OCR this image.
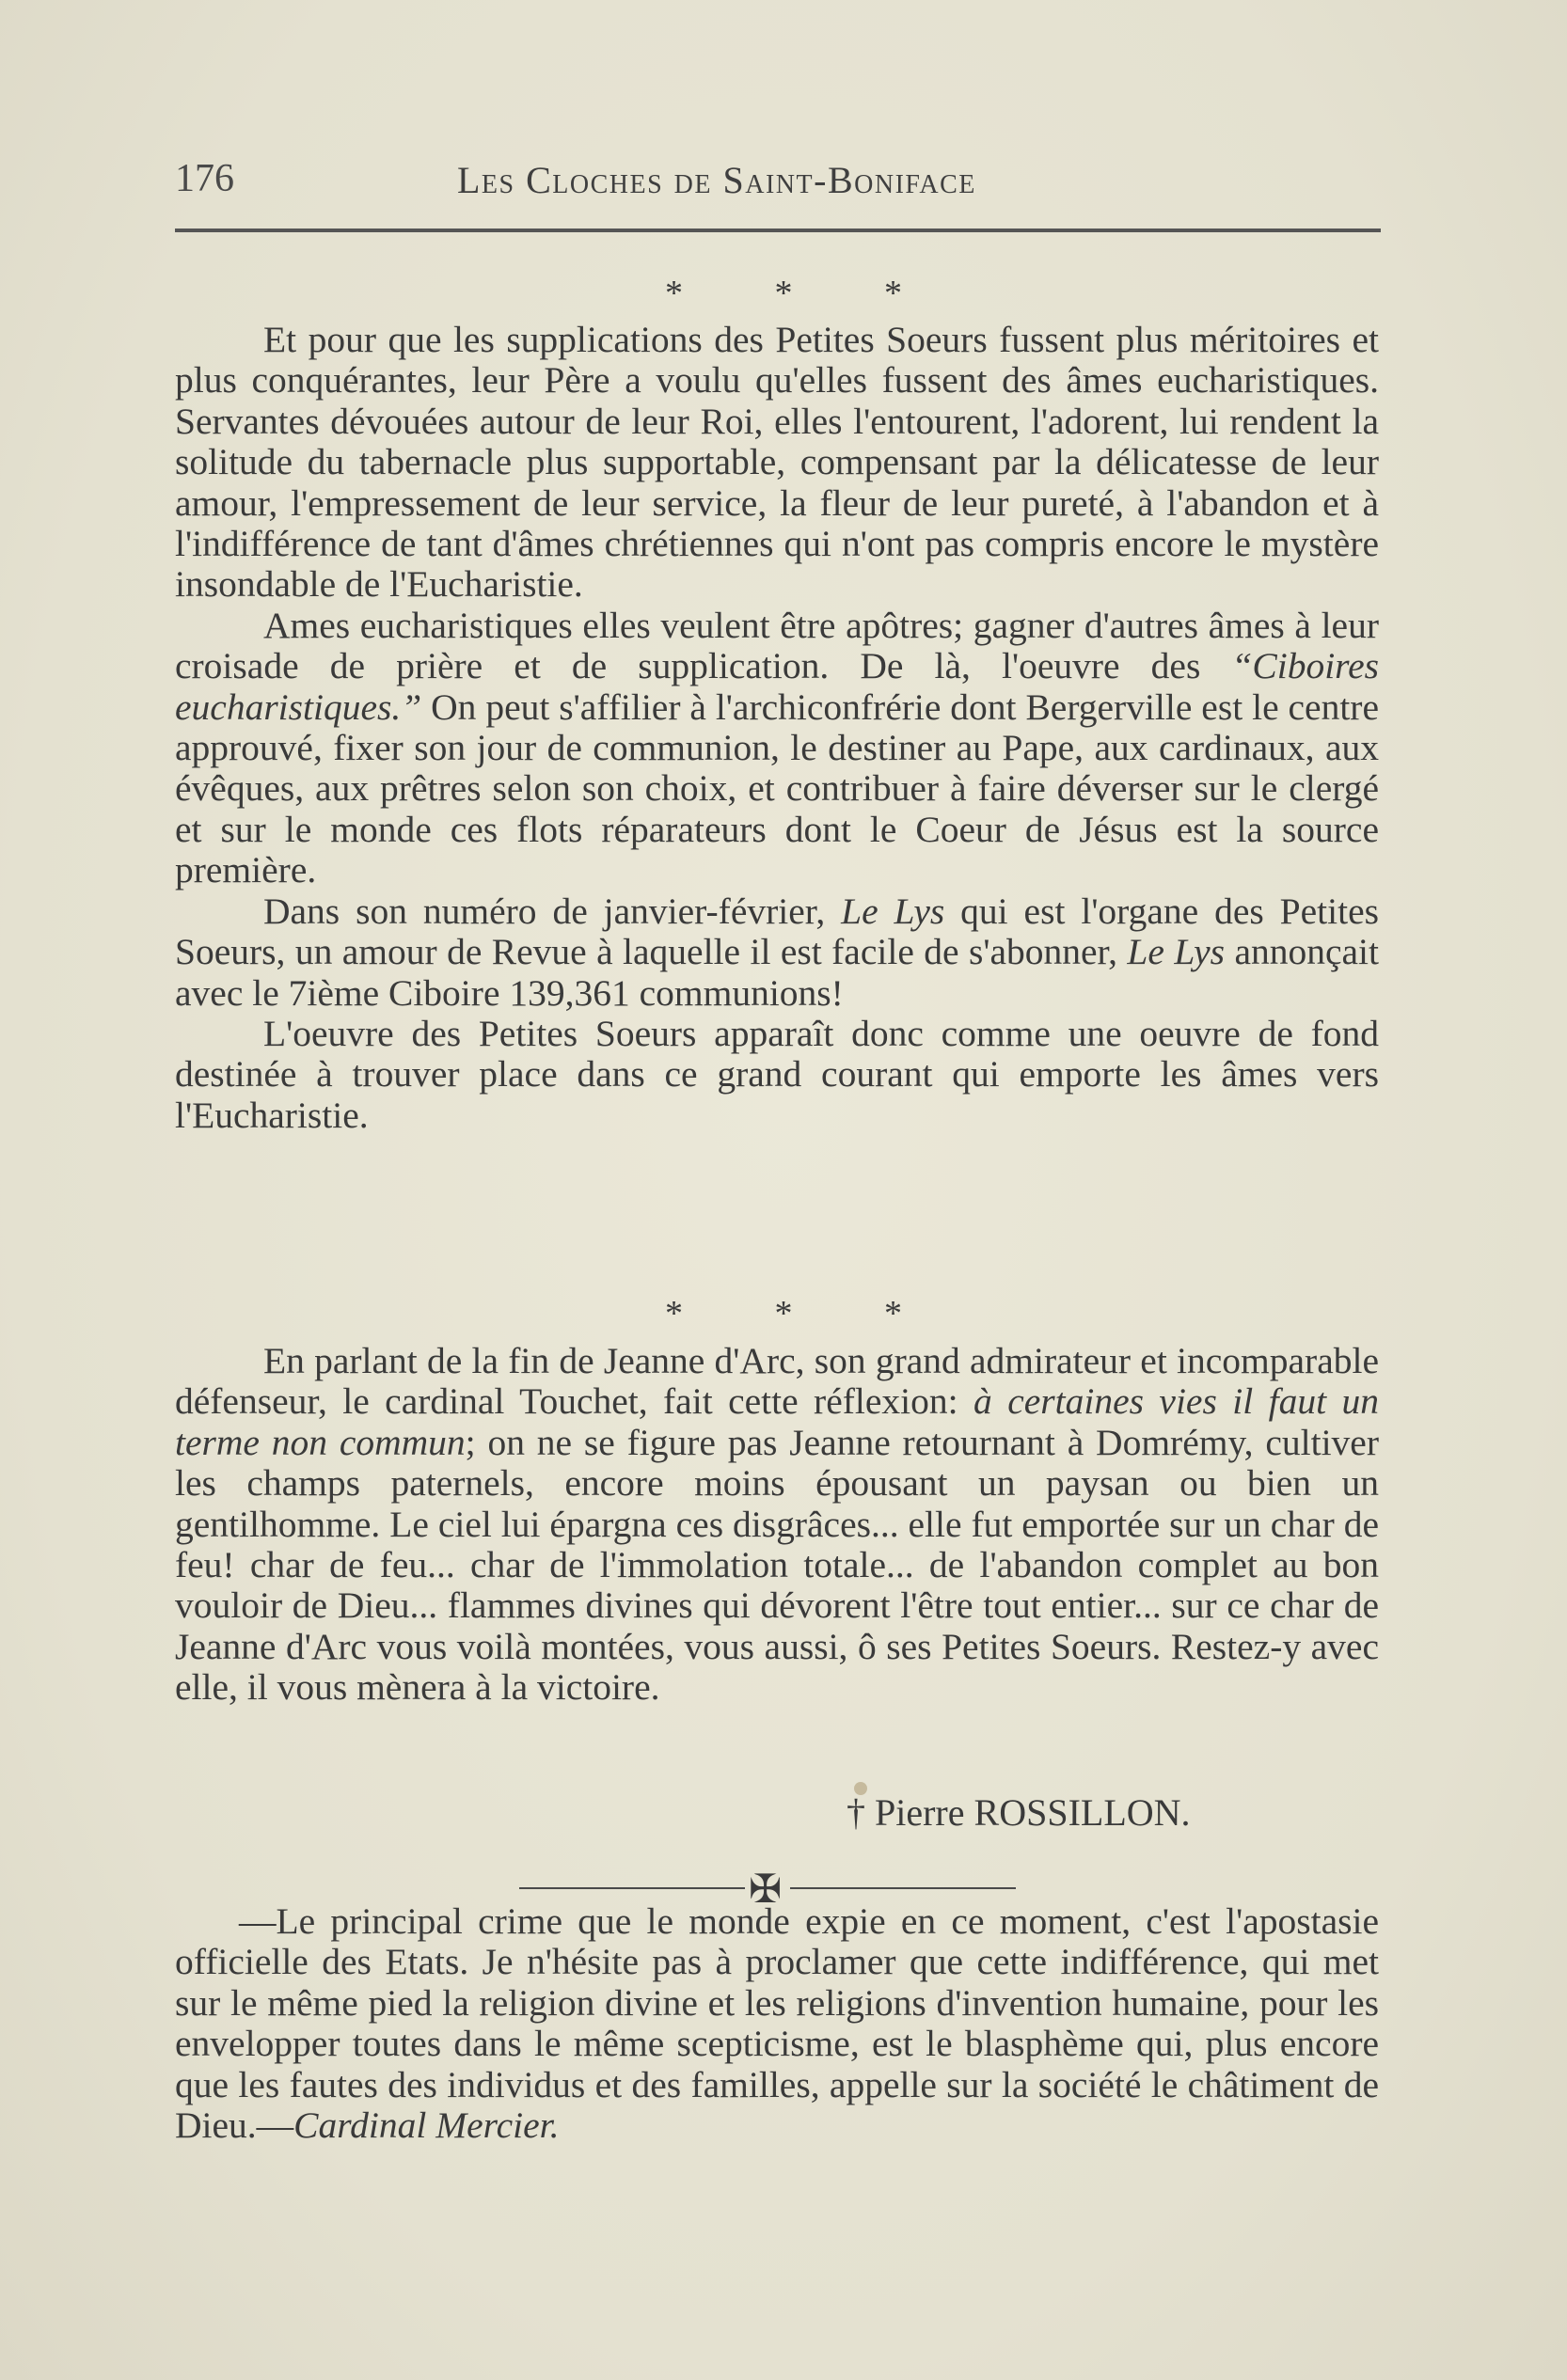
176	Les Cloches de Saint-Boniface
* * *

Et pour que les supplications des Petites Soeurs fussent plus méritoires et plus conquérantes, leur Père a voulu qu'elles fussent des âmes eucharistiques. Servantes dévouées autour de leur Roi, elles l'entourent, l'adorent, lui rendent la solitude du tabernacle plus supportable, compensant par la délicatesse de leur amour, l'empressement de leur service, la fleur de leur pureté, à l'abandon et à l'indifférence de tant d'âmes chrétiennes qui n'ont pas compris encore le mystère insondable de l'Eucharistie.

Ames eucharistiques elles veulent être apôtres; gagner d'autres âmes à leur croisade de prière et de supplication. De là, l'oeuvre des “Ciboires eucharistiques.” On peut s'affilier à l'archiconfrérie dont Bergerville est le centre approuvé, fixer son jour de communion, le destiner au Pape, aux cardinaux, aux évêques, aux prêtres selon son choix, et contribuer à faire déverser sur le clergé et sur le monde ces flots réparateurs dont le Coeur de Jésus est la source première.

Dans son numéro de janvier-février, Le Lys qui est l'organe des Petites Soeurs, un amour de Revue à laquelle il est facile de s'abonner, Le Lys annonçait avec le 7ième Ciboire 139,361 communions!

L'oeuvre des Petites Soeurs apparaît donc comme une oeuvre de fond destinée à trouver place dans ce grand courant qui emporte les âmes vers l'Eucharistie.

* * *

En parlant de la fin de Jeanne d'Arc, son grand admirateur et incomparable défenseur, le cardinal Touchet, fait cette réflexion: à certaines vies il faut un terme non commun; on ne se figure pas Jeanne retournant à Domrémy, cultiver les champs paternels, encore moins épousant un paysan ou bien un gentilhomme. Le ciel lui épargna ces disgrâces... elle fut emportée sur un char de feu! char de feu... char de l'immolation totale... de l'abandon complet au bon vouloir de Dieu... flammes divines qui dévorent l'être tout entier... sur ce char de Jeanne d'Arc vous voilà montées, vous aussi, ô ses Petites Soeurs. Restez-y avec elle, il vous mènera à la victoire.

† Pierre ROSSILLON.
✠

—Le principal crime que le monde expie en ce moment, c'est l'apostasie officielle des Etats. Je n'hésite pas à proclamer que cette indifférence, qui met sur le même pied la religion divine et les religions d'invention humaine, pour les envelopper toutes dans le même scepticisme, est le blasphème qui, plus encore que les fautes des individus et des familles, appelle sur la société le châtiment de Dieu.—Cardinal Mercier.
